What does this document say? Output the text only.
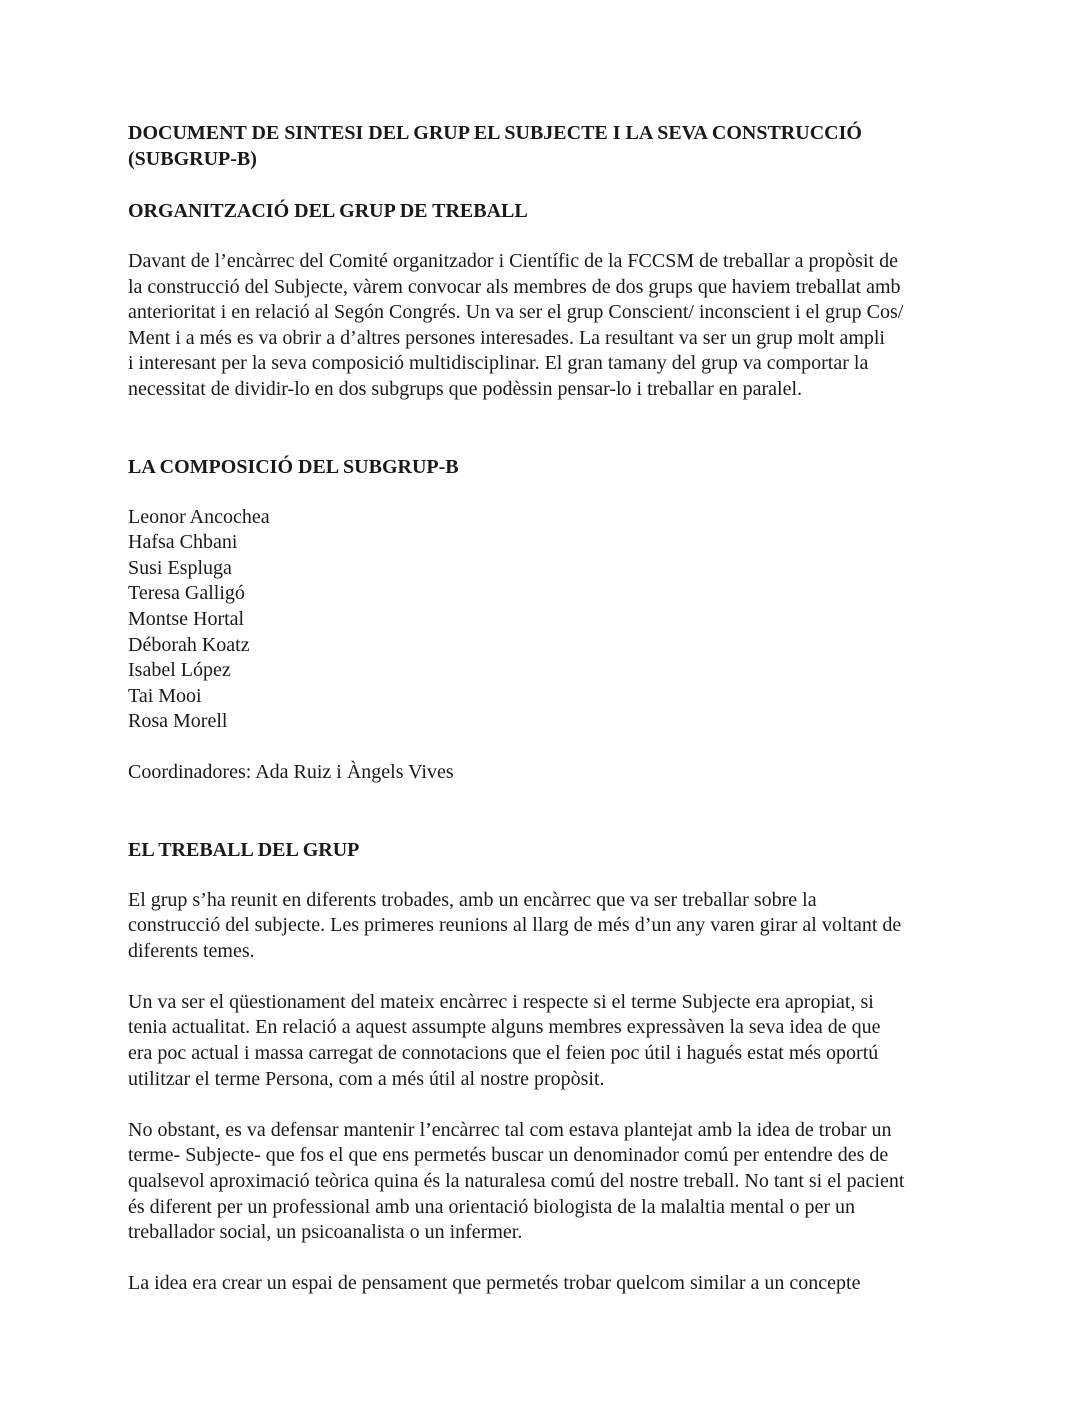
DOCUMENT DE SINTESI DEL GRUP EL SUBJECTE I LA SEVA CONSTRUCCIÓ
(SUBGRUP-B)
ORGANITZACIÓ DEL GRUP DE TREBALL
Davant de l’encàrrec del Comité organitzador i Científic de la FCCSM de treballar a propòsit de
la construcció del Subjecte, vàrem convocar als membres de dos grups que haviem treballat amb
anterioritat i en relació al Segón Congrés. Un va ser el grup Conscient/ inconscient i el grup Cos/
Ment i a més es va obrir a d’altres persones interesades. La resultant va ser un grup molt ampli
i interesant per la seva composició multidisciplinar. El gran tamany del grup va comportar la
necessitat de dividir-lo en dos subgrups que podèssin pensar-lo i treballar en paralel.
LA COMPOSICIÓ DEL SUBGRUP-B
Leonor Ancochea
Hafsa Chbani
Susi Espluga
Teresa Galligó
Montse Hortal
Déborah Koatz
Isabel López
Tai Mooi
Rosa Morell
Coordinadores: Ada Ruiz i Àngels Vives
EL TREBALL DEL GRUP
El grup s’ha reunit en diferents trobades, amb un encàrrec que va ser treballar sobre la
construcció del subjecte. Les primeres reunions al llarg de més d’un any varen girar al voltant de
diferents temes.
Un va ser el qüestionament del mateix encàrrec i respecte si el terme Subjecte era apropiat, si
tenia actualitat. En relació a aquest assumpte alguns membres expressàven la seva idea de que
era poc actual i massa carregat de connotacions que el feien poc útil i hagués estat més oportú
utilitzar el terme Persona, com a més útil al nostre propòsit.
No obstant, es va defensar mantenir l’encàrrec tal com estava plantejat amb la idea de trobar un
terme- Subjecte- que fos el que ens permetés buscar un denominador comú per entendre des de
qualsevol aproximació teòrica quina és la naturalesa comú del nostre treball. No tant si el pacient
és diferent per un professional amb una orientació biologista de la malaltia mental o per un
treballador social, un psicoanalista o un infermer.
La idea era crear un espai de pensament que permetés trobar quelcom similar a un concepte
